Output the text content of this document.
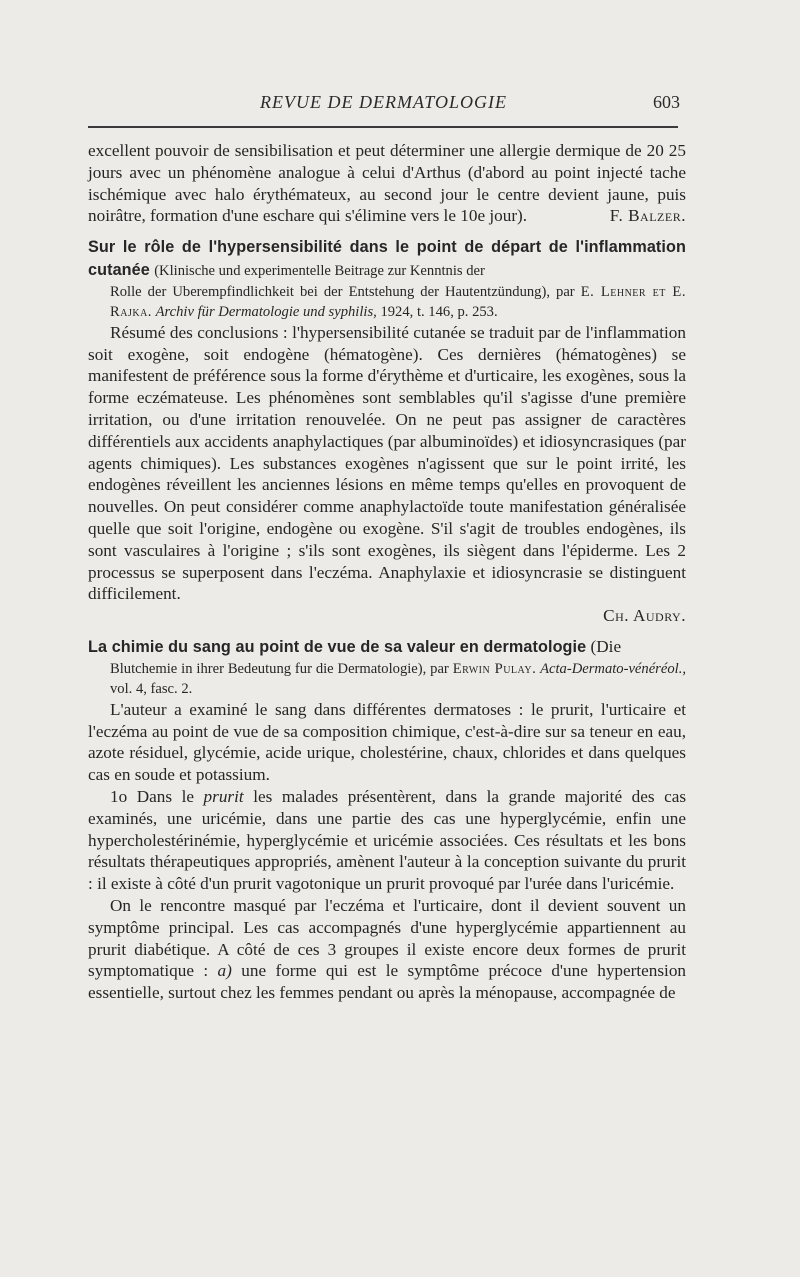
REVUE DE DERMATOLOGIE	603

excellent pouvoir de sensibilisation et peut déterminer une allergie dermique de 20 25 jours avec un phénomène analogue à celui d'Arthus (d'abord au point injecté tache ischémique avec halo érythémateux, au second jour le centre devient jaune, puis noirâtre, formation d'une eschare qui s'élimine vers le 10e jour).	F. Balzer.

Sur le rôle de l'hypersensibilité dans le point de départ de l'inflammation cutanée (Klinische und experimentelle Beitrage zur Kenntnis der

Rolle der Uberempfindlichkeit bei der Entstehung der Hautentzündung), par E. Lehner et E. Rajka. Archiv für Dermatologie und syphilis, 1924, t. 146, p. 253.

Résumé des conclusions : l'hypersensibilité cutanée se traduit par de l'inflammation soit exogène, soit endogène (hématogène). Ces dernières (hématogènes) se manifestent de préférence sous la forme d'érythème et d'urticaire, les exogènes, sous la forme eczémateuse. Les phénomènes sont semblables qu'il s'agisse d'une première irritation, ou d'une irritation renouvelée. On ne peut pas assigner de caractères différentiels aux accidents anaphylactiques (par albuminoïdes) et idiosyncrasiques (par agents chimiques). Les substances exogènes n'agissent que sur le point irrité, les endogènes réveillent les anciennes lésions en même temps qu'elles en provoquent de nouvelles. On peut considérer comme anaphylactoïde toute manifestation généralisée quelle que soit l'origine, endogène ou exogène. S'il s'agit de troubles endogènes, ils sont vasculaires à l'origine ; s'ils sont exogènes, ils siègent dans l'épiderme. Les 2 processus se superposent dans l'eczéma. Anaphylaxie et idiosyncrasie se distinguent difficilement.

Ch. Audry.

La chimie du sang au point de vue de sa valeur en dermatologie (Die

Blutchemie in ihrer Bedeutung fur die Dermatologie), par Erwin Pulay. Acta-Dermato-vénéréol., vol. 4, fasc. 2.

L'auteur a examiné le sang dans différentes dermatoses : le prurit, l'urticaire et l'eczéma au point de vue de sa composition chimique, c'est-à-dire sur sa teneur en eau, azote résiduel, glycémie, acide urique, cholestérine, chaux, chlorides et dans quelques cas en soude et potassium.

1o Dans le prurit les malades présentèrent, dans la grande majorité des cas examinés, une uricémie, dans une partie des cas une hyperglycémie, enfin une hypercholestérinémie, hyperglycémie et uricémie associées. Ces résultats et les bons résultats thérapeutiques appropriés, amènent l'auteur à la conception suivante du prurit : il existe à côté d'un prurit vagotonique un prurit provoqué par l'urée dans l'uricémie.

On le rencontre masqué par l'eczéma et l'urticaire, dont il devient souvent un symptôme principal. Les cas accompagnés d'une hyperglycémie appartiennent au prurit diabétique. A côté de ces 3 groupes il existe encore deux formes de prurit symptomatique : a) une forme qui est le symptôme précoce d'une hypertension essentielle, surtout chez les femmes pendant ou après la ménopause, accompagnée de
